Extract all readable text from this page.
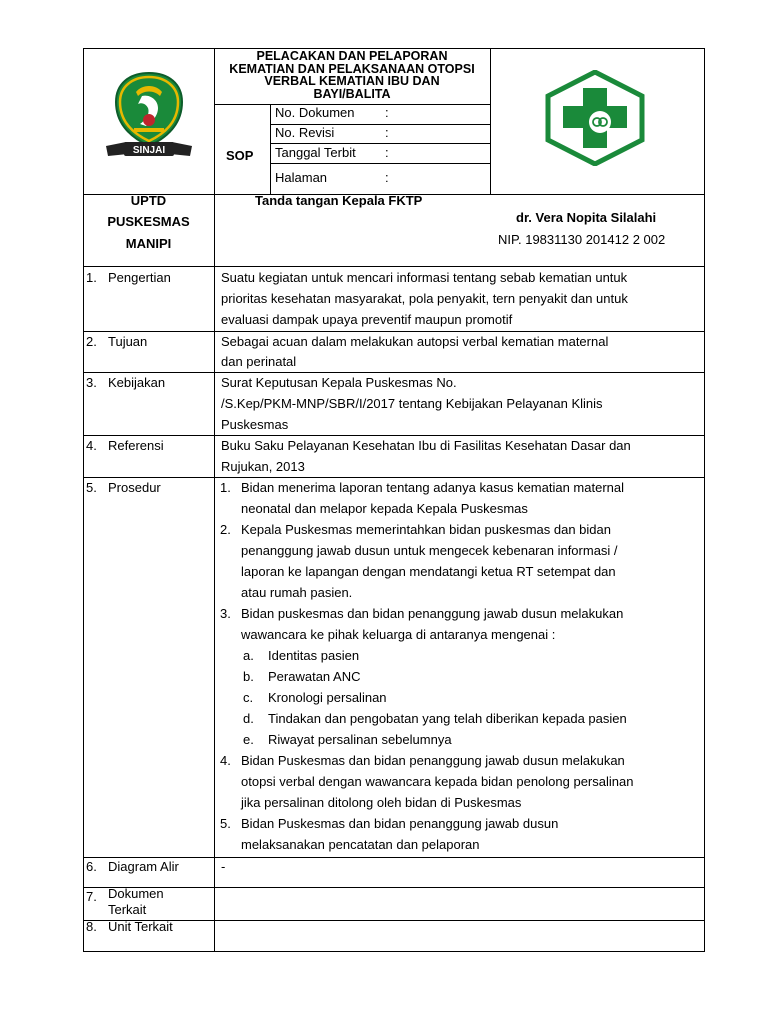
SINJAI
PELACAKAN DAN PELAPORAN KEMATIAN DAN PELAKSANAAN OTOPSI VERBAL KEMATIAN IBU DAN BAYI/BALITA
SOP
No. Dokumen :
No. Revisi	:
Tanggal Terbit :
Halaman	:
UPTD
PUSKESMAS
MANIPI
Tanda tangan Kepala FKTP
dr. Vera Nopita Silalahi
NIP. 19831130 201412 2 002
1. Pengertian	Suatu kegiatan untuk mencari informasi tentang sebab kematian untuk
prioritas kesehatan masyarakat, pola penyakit, tern penyakit dan untuk
evaluasi dampak upaya preventif maupun promotif
2. Tujuan	Sebagai acuan dalam melakukan autopsi verbal kematian maternal
dan perinatal
3. Kebijakan	Surat Keputusan Kepala Puskesmas No.
/S.Kep/PKM-MNP/SBR/I/2017 tentang Kebijakan Pelayanan Klinis
Puskesmas
4. Referensi	Buku Saku Pelayanan Kesehatan Ibu di Fasilitas Kesehatan Dasar dan
Rujukan, 2013
5. Prosedur	1. Bidan menerima laporan tentang adanya kasus kematian maternal
neonatal dan melapor kepada Kepala Puskesmas
2. Kepala Puskesmas memerintahkan bidan puskesmas dan bidan
penanggung jawab dusun untuk mengecek kebenaran informasi /
laporan ke lapangan dengan mendatangi ketua RT setempat dan
atau rumah pasien.
3. Bidan puskesmas dan bidan penanggung jawab dusun melakukan
wawancara ke pihak keluarga di antaranya mengenai :
a. Identitas pasien
b. Perawatan ANC
c. Kronologi persalinan
d. Tindakan dan pengobatan yang telah diberikan kepada pasien
e. Riwayat persalinan sebelumnya
4. Bidan Puskesmas dan bidan penanggung jawab dusun melakukan
otopsi verbal dengan wawancara kepada bidan penolong persalinan
jika persalinan ditolong oleh bidan di Puskesmas
5. Bidan Puskesmas dan bidan penanggung jawab dusun
melaksanakan pencatatan dan pelaporan
6. Diagram Alir	-
7. Dokumen
Terkait
8. Unit Terkait
